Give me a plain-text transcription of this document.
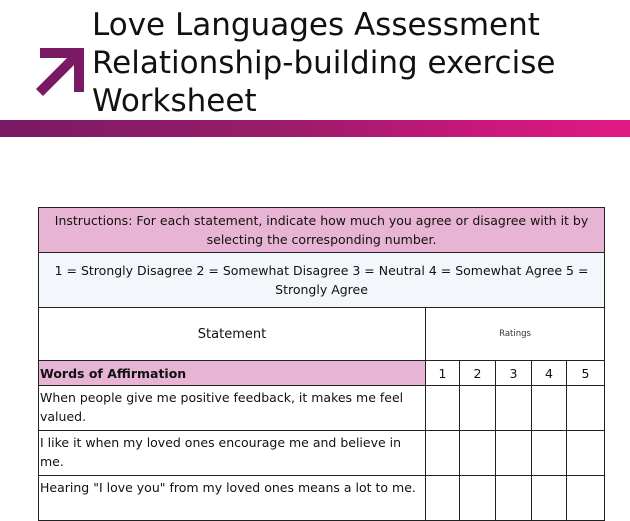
Love Languages Assessment
Relationship-building exercise
Worksheet
Instructions: For each statement, indicate how much you agree or disagree with it by selecting the corresponding number.					
1 = Strongly Disagree 2 = Somewhat Disagree 3 = Neutral 4 = Somewhat Agree 5 = Strongly Agree					
Statement	Ratings				
Words of Affirmation	1	2	3	4	5
When people give me positive feedback, it makes me feel valued.					
I like it when my loved ones encourage me and believe in me.					
Hearing "I love you" from my loved ones means a lot to me.					
